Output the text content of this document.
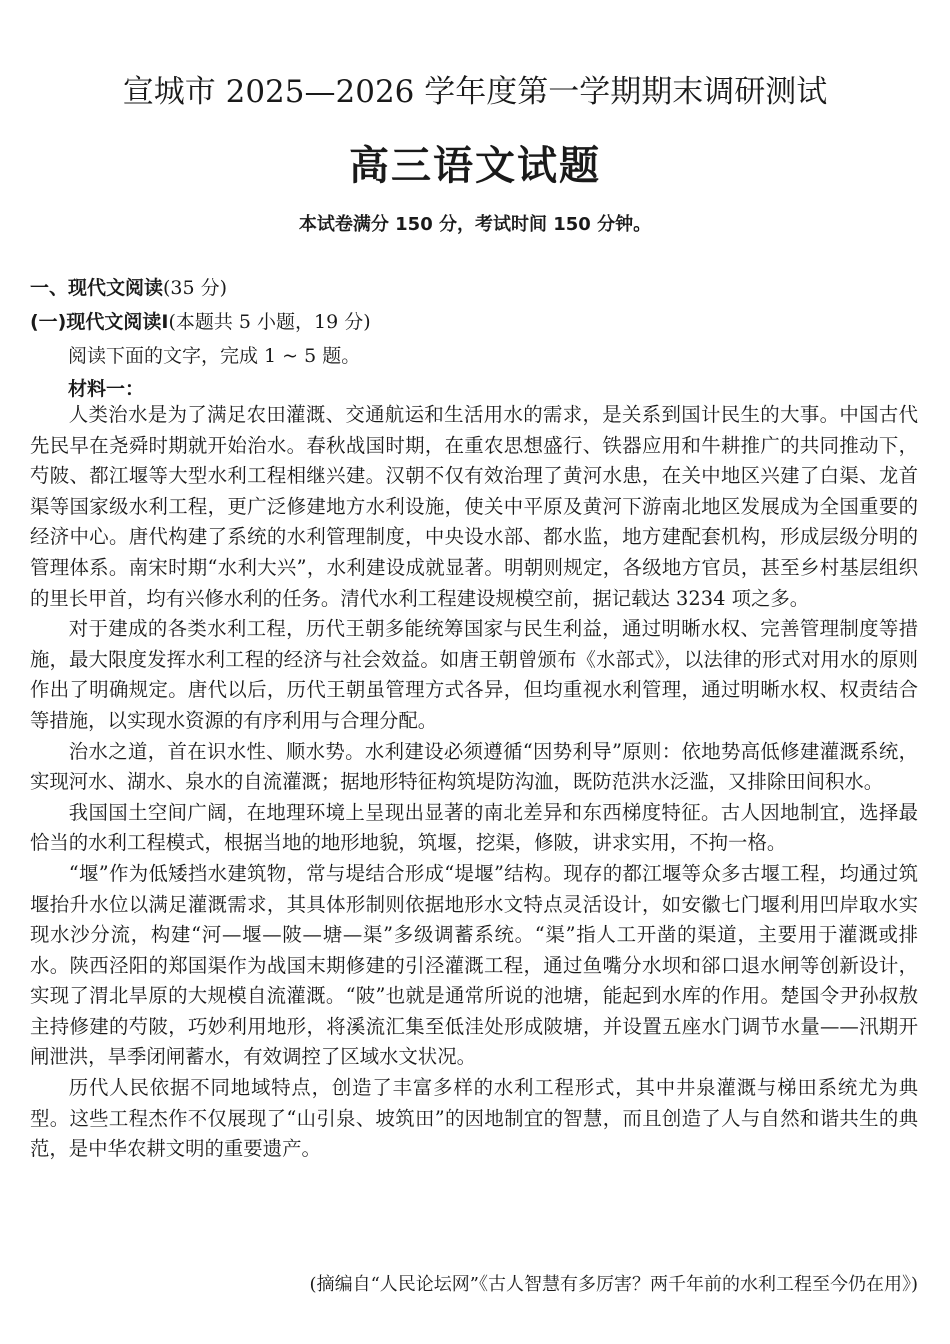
宣城市 2025—2026 学年度第一学期期末调研测试
高三语文试题
本试卷满分 150 分，考试时间 150 分钟。
一、现代文阅读(35 分)
(一)现代文阅读Ⅰ(本题共 5 小题，19 分)
阅读下面的文字，完成 1 ~ 5 题。
材料一：

人类治水是为了满足农田灌溉、交通航运和生活用水的需求，是关系到国计民生的大事。中国古代先民早在尧舜时期就开始治水。春秋战国时期，在重农思想盛行、铁器应用和牛耕推广的共同推动下，芍陂、都江堰等大型水利工程相继兴建。汉朝不仅有效治理了黄河水患，在关中地区兴建了白渠、龙首渠等国家级水利工程，更广泛修建地方水利设施，使关中平原及黄河下游南北地区发展成为全国重要的经济中心。唐代构建了系统的水利管理制度，中央设水部、都水监，地方建配套机构，形成层级分明的管理体系。南宋时期“水利大兴”，水利建设成就显著。明朝则规定，各级地方官员，甚至乡村基层组织的里长甲首，均有兴修水利的任务。清代水利工程建设规模空前，据记载达 3234 项之多。

对于建成的各类水利工程，历代王朝多能统筹国家与民生利益，通过明晰水权、完善管理制度等措施，最大限度发挥水利工程的经济与社会效益。如唐王朝曾颁布《水部式》，以法律的形式对用水的原则作出了明确规定。唐代以后，历代王朝虽管理方式各异，但均重视水利管理，通过明晰水权、权责结合等措施，以实现水资源的有序利用与合理分配。

治水之道，首在识水性、顺水势。水利建设必须遵循“因势利导”原则：依地势高低修建灌溉系统，实现河水、湖水、泉水的自流灌溉；据地形特征构筑堤防沟洫，既防范洪水泛滥，又排除田间积水。

我国国土空间广阔，在地理环境上呈现出显著的南北差异和东西梯度特征。古人因地制宜，选择最恰当的水利工程模式，根据当地的地形地貌，筑堰，挖渠，修陂，讲求实用，不拘一格。

“堰”作为低矮挡水建筑物，常与堤结合形成“堤堰”结构。现存的都江堰等众多古堰工程，均通过筑堰抬升水位以满足灌溉需求，其具体形制则依据地形水文特点灵活设计，如安徽七门堰利用凹岸取水实现水沙分流，构建“河—堰—陂—塘—渠”多级调蓄系统。“渠”指人工开凿的渠道，主要用于灌溉或排水。陕西泾阳的郑国渠作为战国末期修建的引泾灌溉工程，通过鱼嘴分水坝和郤口退水闸等创新设计，实现了渭北旱原的大规模自流灌溉。“陂”也就是通常所说的池塘，能起到水库的作用。楚国令尹孙叔敖主持修建的芍陂，巧妙利用地形，将溪流汇集至低洼处形成陂塘，并设置五座水门调节水量——汛期开闸泄洪，旱季闭闸蓄水，有效调控了区域水文状况。

历代人民依据不同地域特点，创造了丰富多样的水利工程形式，其中井泉灌溉与梯田系统尤为典型。这些工程杰作不仅展现了“山引泉、坡筑田”的因地制宜的智慧，而且创造了人与自然和谐共生的典范，是中华农耕文明的重要遗产。

(摘编自“人民论坛网”《古人智慧有多厉害？两千年前的水利工程至今仍在用》)
